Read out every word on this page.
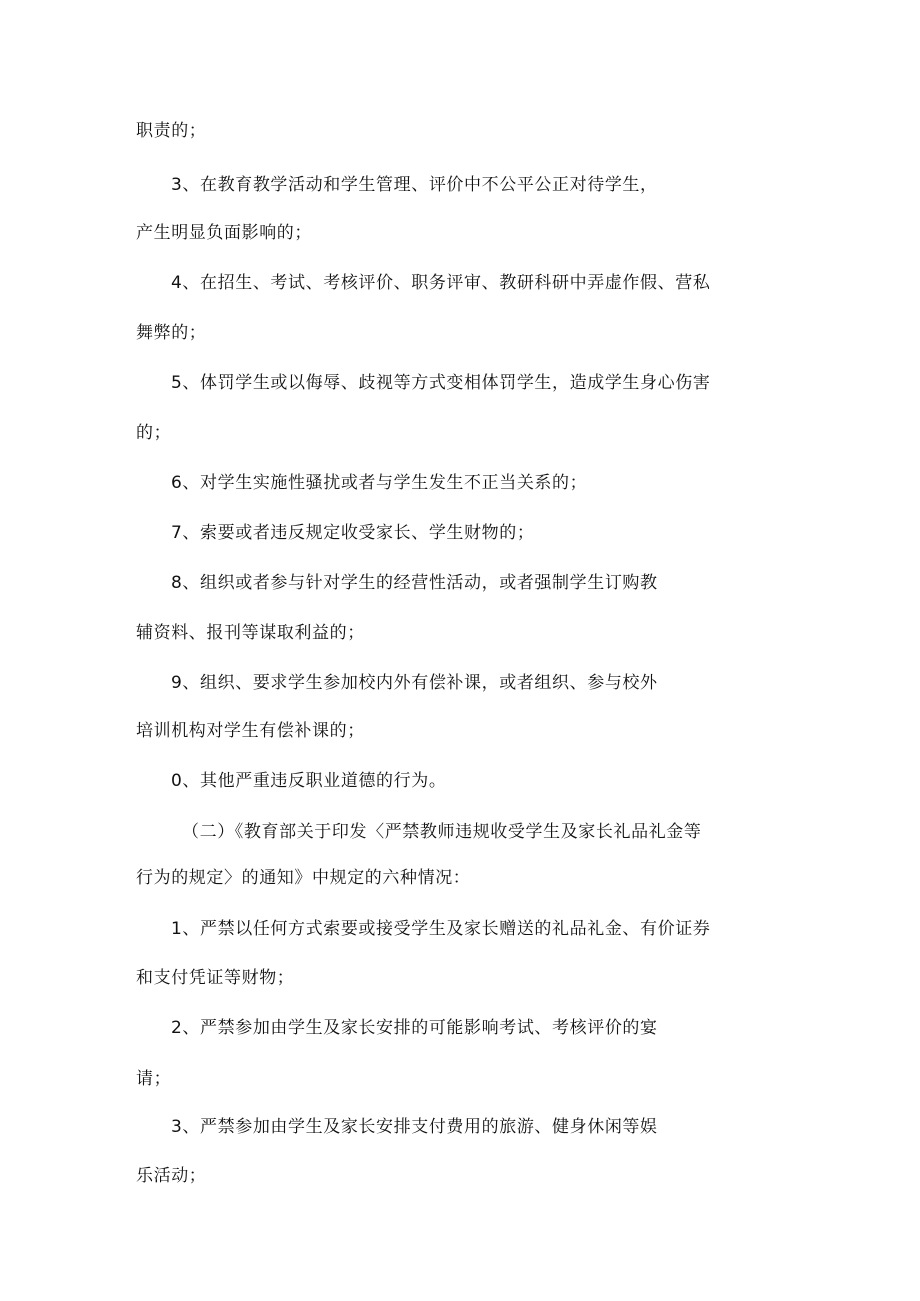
职责的；
3、在教育教学活动和学生管理、评价中不公平公正对待学生，
产生明显负面影响的；
4、在招生、考试、考核评价、职务评审、教研科研中弄虚作假、营私
舞弊的；
5、体罚学生或以侮辱、歧视等方式变相体罚学生，造成学生身心伤害
的；
6、对学生实施性骚扰或者与学生发生不正当关系的；
7、索要或者违反规定收受家长、学生财物的；
8、组织或者参与针对学生的经营性活动，或者强制学生订购教
辅资料、报刊等谋取利益的；
9、组织、要求学生参加校内外有偿补课，或者组织、参与校外
培训机构对学生有偿补课的；
0、其他严重违反职业道德的行为。
（二）《教育部关于印发〈严禁教师违规收受学生及家长礼品礼金等
行为的规定〉的通知》中规定的六种情况：
1、严禁以任何方式索要或接受学生及家长赠送的礼品礼金、有价证券
和支付凭证等财物；
2、严禁参加由学生及家长安排的可能影响考试、考核评价的宴
请；
3、严禁参加由学生及家长安排支付费用的旅游、健身休闲等娱
乐活动；
